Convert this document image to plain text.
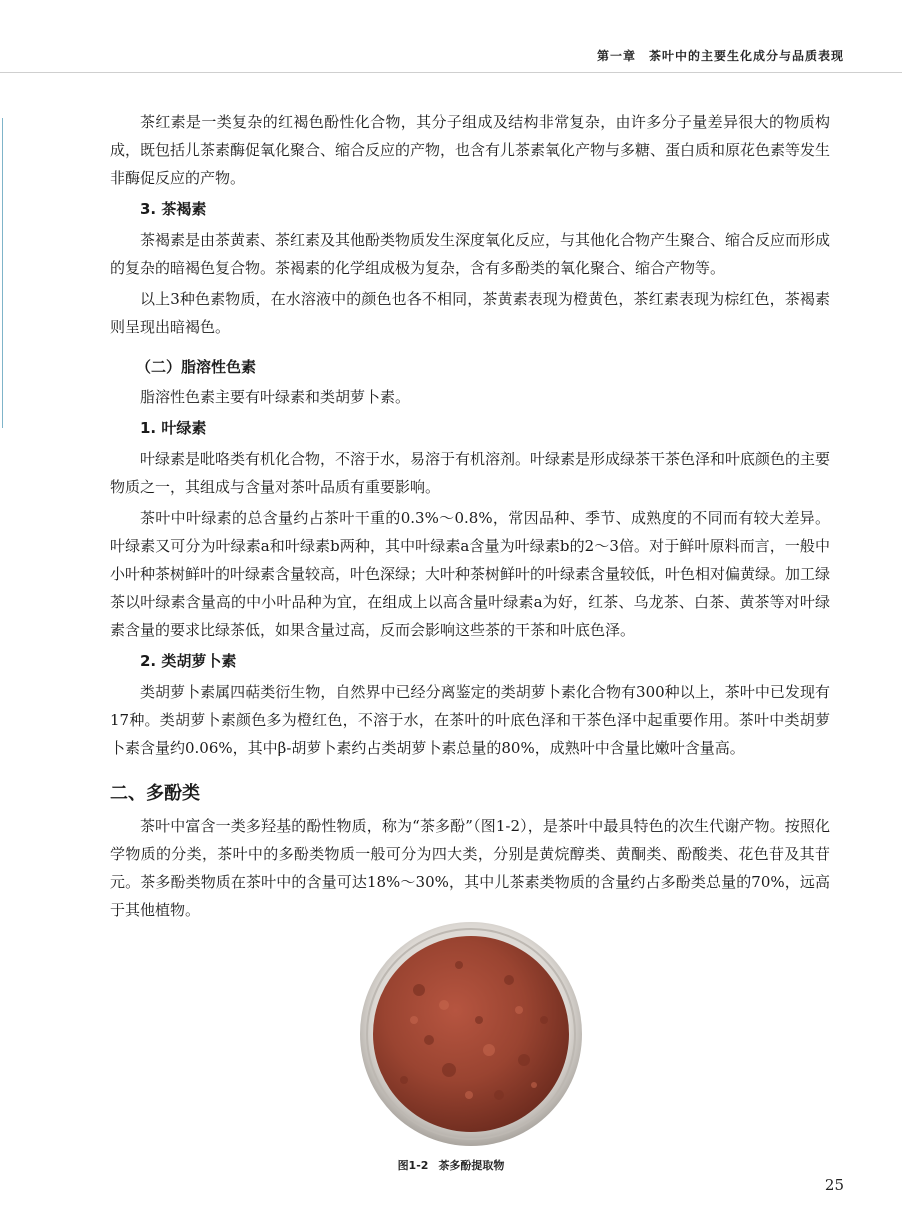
第一章　茶叶中的主要生化成分与品质表现

茶红素是一类复杂的红褐色酚性化合物，其分子组成及结构非常复杂，由许多分子量差异很大的物质构成，既包括儿茶素酶促氧化聚合、缩合反应的产物，也含有儿茶素氧化产物与多糖、蛋白质和原花色素等发生非酶促反应的产物。

3. 茶褐素

茶褐素是由茶黄素、茶红素及其他酚类物质发生深度氧化反应，与其他化合物产生聚合、缩合反应而形成的复杂的暗褐色复合物。茶褐素的化学组成极为复杂，含有多酚类的氧化聚合、缩合产物等。

以上3种色素物质，在水溶液中的颜色也各不相同，茶黄素表现为橙黄色，茶红素表现为棕红色，茶褐素则呈现出暗褐色。

（二）脂溶性色素

脂溶性色素主要有叶绿素和类胡萝卜素。

1. 叶绿素

叶绿素是吡咯类有机化合物，不溶于水，易溶于有机溶剂。叶绿素是形成绿茶干茶色泽和叶底颜色的主要物质之一，其组成与含量对茶叶品质有重要影响。

茶叶中叶绿素的总含量约占茶叶干重的0.3%～0.8%，常因品种、季节、成熟度的不同而有较大差异。叶绿素又可分为叶绿素a和叶绿素b两种，其中叶绿素a含量为叶绿素b的2～3倍。对于鲜叶原料而言，一般中小叶种茶树鲜叶的叶绿素含量较高，叶色深绿；大叶种茶树鲜叶的叶绿素含量较低，叶色相对偏黄绿。加工绿茶以叶绿素含量高的中小叶品种为宜，在组成上以高含量叶绿素a为好，红茶、乌龙茶、白茶、黄茶等对叶绿素含量的要求比绿茶低，如果含量过高，反而会影响这些茶的干茶和叶底色泽。

2. 类胡萝卜素

类胡萝卜素属四萜类衍生物，自然界中已经分离鉴定的类胡萝卜素化合物有300种以上，茶叶中已发现有17种。类胡萝卜素颜色多为橙红色，不溶于水，在茶叶的叶底色泽和干茶色泽中起重要作用。茶叶中类胡萝卜素含量约0.06%，其中β-胡萝卜素约占类胡萝卜素总量的80%，成熟叶中含量比嫩叶含量高。

二、多酚类

茶叶中富含一类多羟基的酚性物质，称为“茶多酚”（图1-2），是茶叶中最具特色的次生代谢产物。按照化学物质的分类，茶叶中的多酚类物质一般可分为四大类，分别是黄烷醇类、黄酮类、酚酸类、花色苷及其苷元。茶多酚类物质在茶叶中的含量可达18%～30%，其中儿茶素类物质的含量约占多酚类总量的70%，远高于其他植物。

图1-2 茶多酚提取物
25
